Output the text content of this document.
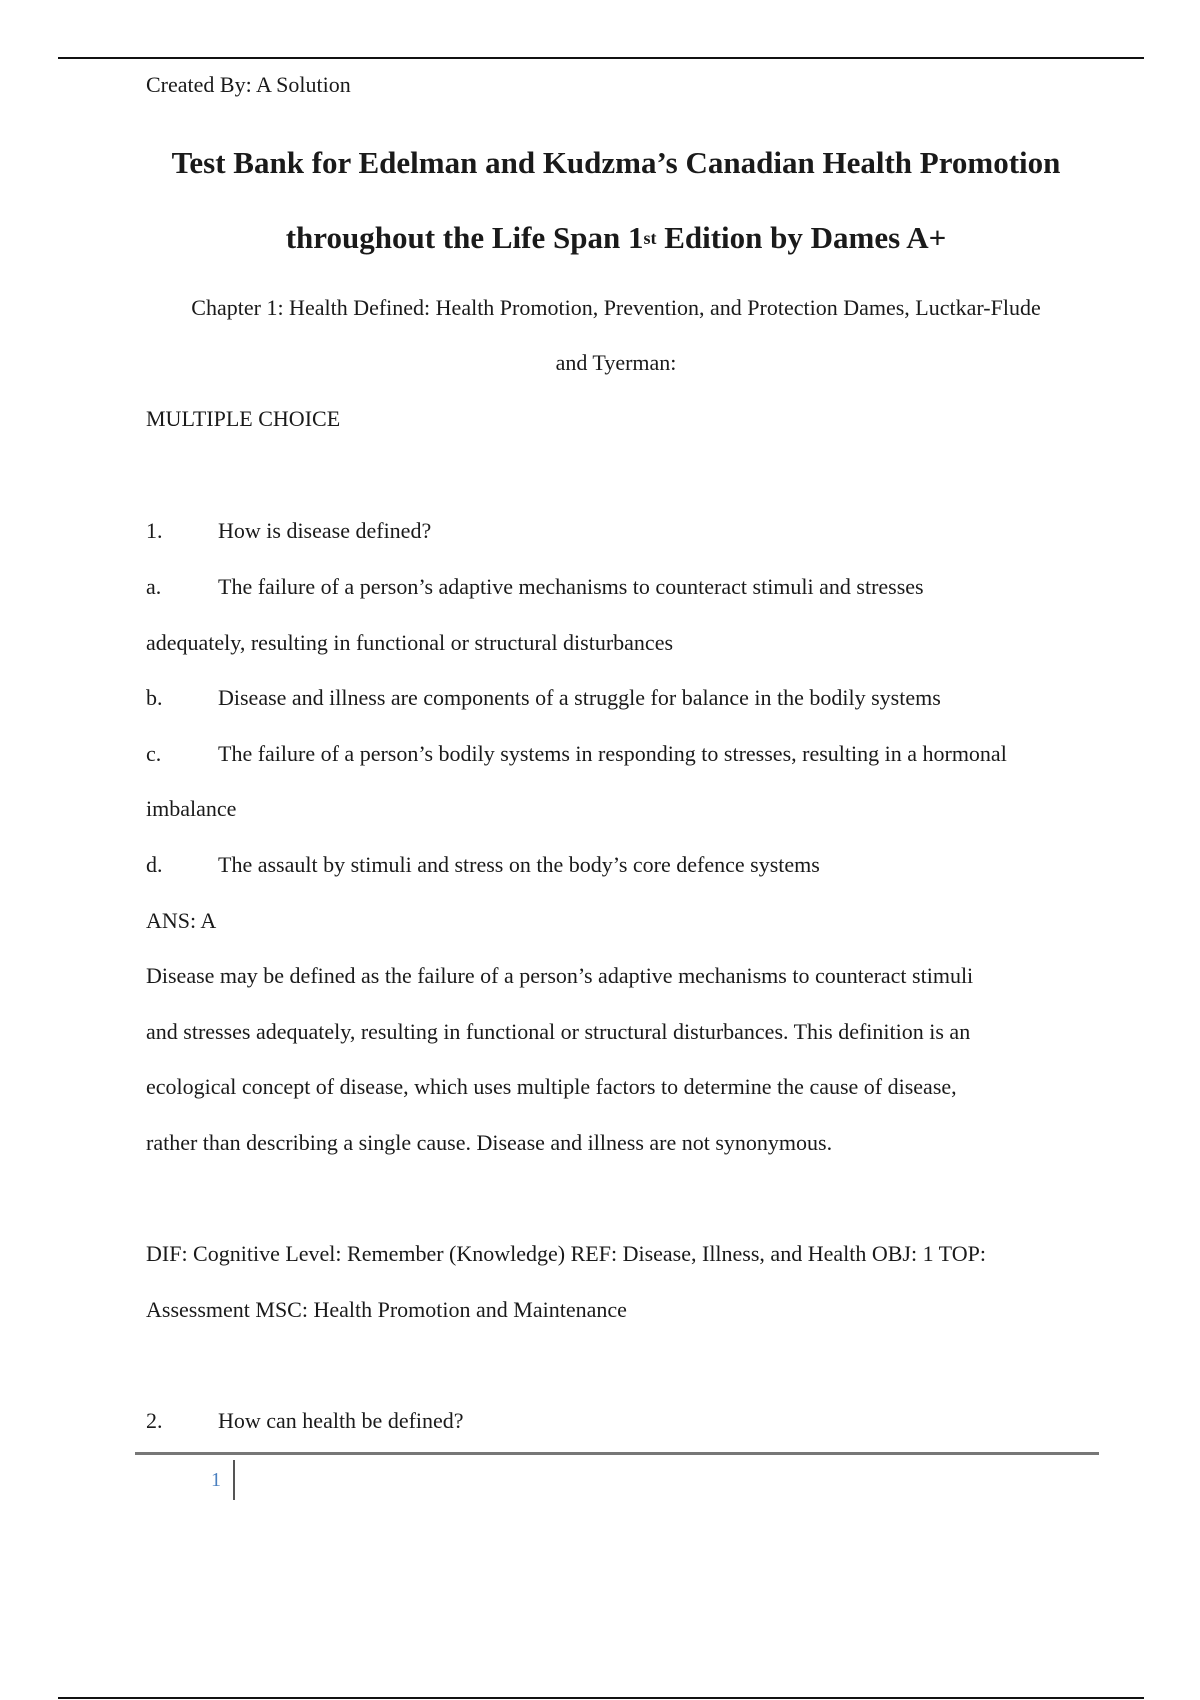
Created By: A Solution
Test Bank for Edelman and Kudzma’s Canadian Health Promotion
throughout the Life Span 1st Edition by Dames A+
Chapter 1: Health Defined: Health Promotion, Prevention, and Protection Dames, Luctkar-Flude
and Tyerman:
MULTIPLE CHOICE
1.	How is disease defined?
a.	The failure of a person’s adaptive mechanisms to counteract stimuli and stresses
adequately, resulting in functional or structural disturbances
b.	Disease and illness are components of a struggle for balance in the bodily systems
c.	The failure of a person’s bodily systems in responding to stresses, resulting in a hormonal
imbalance
d.	The assault by stimuli and stress on the body’s core defence systems
ANS: A
Disease may be defined as the failure of a person’s adaptive mechanisms to counteract stimuli
and stresses adequately, resulting in functional or structural disturbances. This definition is an
ecological concept of disease, which uses multiple factors to determine the cause of disease,
rather than describing a single cause. Disease and illness are not synonymous.
DIF: Cognitive Level: Remember (Knowledge) REF: Disease, Illness, and Health OBJ: 1 TOP:
Assessment MSC: Health Promotion and Maintenance
2.	How can health be defined?
1
